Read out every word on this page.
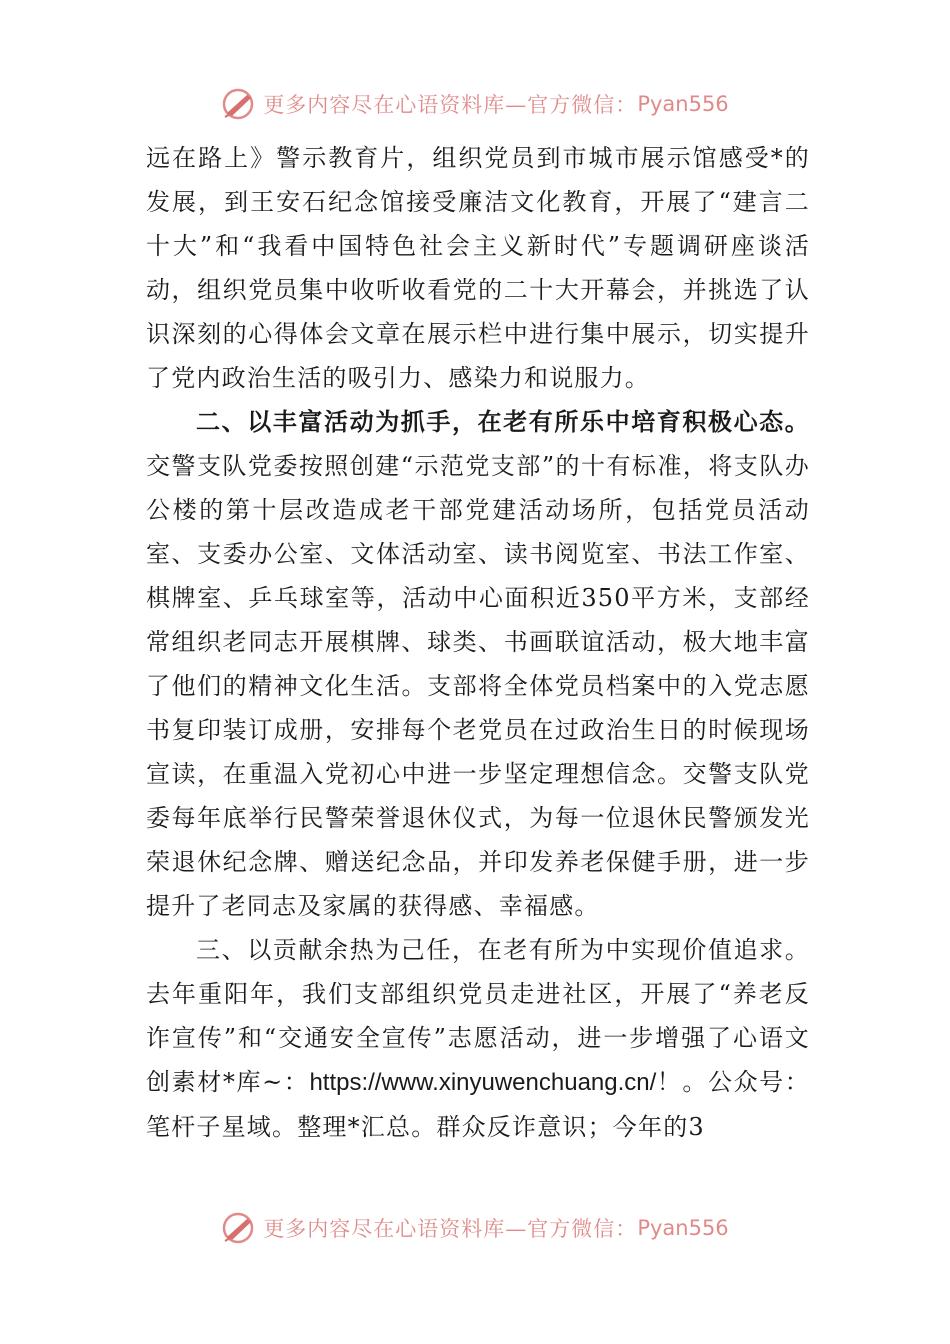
更多内容尽在心语资料库—官方微信： Pyan556

远在路上》警示教育片，组织党员到市城市展示馆感受*的发展，到王安石纪念馆接受廉洁文化教育，开展了“建言二十大”和“我看中国特色社会主义新时代”专题调研座谈活动，组织党员集中收听收看党的二十大开幕会，并挑选了认识深刻的心得体会文章在展示栏中进行集中展示，切实提升了党内政治生活的吸引力、感染力和说服力。

二、以丰富活动为抓手，在老有所乐中培育积极心态。交警支队党委按照创建“示范党支部”的十有标准，将支队办公楼的第十层改造成老干部党建活动场所，包括党员活动室、支委办公室、文体活动室、读书阅览室、书法工作室、棋牌室、乒乓球室等，活动中心面积近350平方米，支部经常组织老同志开展棋牌、球类、书画联谊活动，极大地丰富了他们的精神文化生活。支部将全体党员档案中的入党志愿书复印装订成册，安排每个老党员在过政治生日的时候现场宣读，在重温入党初心中进一步坚定理想信念。交警支队党委每年底举行民警荣誉退休仪式，为每一位退休民警颁发光荣退休纪念牌、赠送纪念品，并印发养老保健手册，进一步提升了老同志及家属的获得感、幸福感。

三、以贡献余热为己任，在老有所为中实现价值追求。去年重阳年，我们支部组织党员走进社区，开展了“养老反诈宣传”和“交通安全宣传”志愿活动，进一步增强了心语文创素材*库~：https://www.xinyuwenchuang.cn/！。公众号：笔杆子星域。整理*汇总。群众反诈意识；今年的3

更多内容尽在心语资料库—官方微信： Pyan556
